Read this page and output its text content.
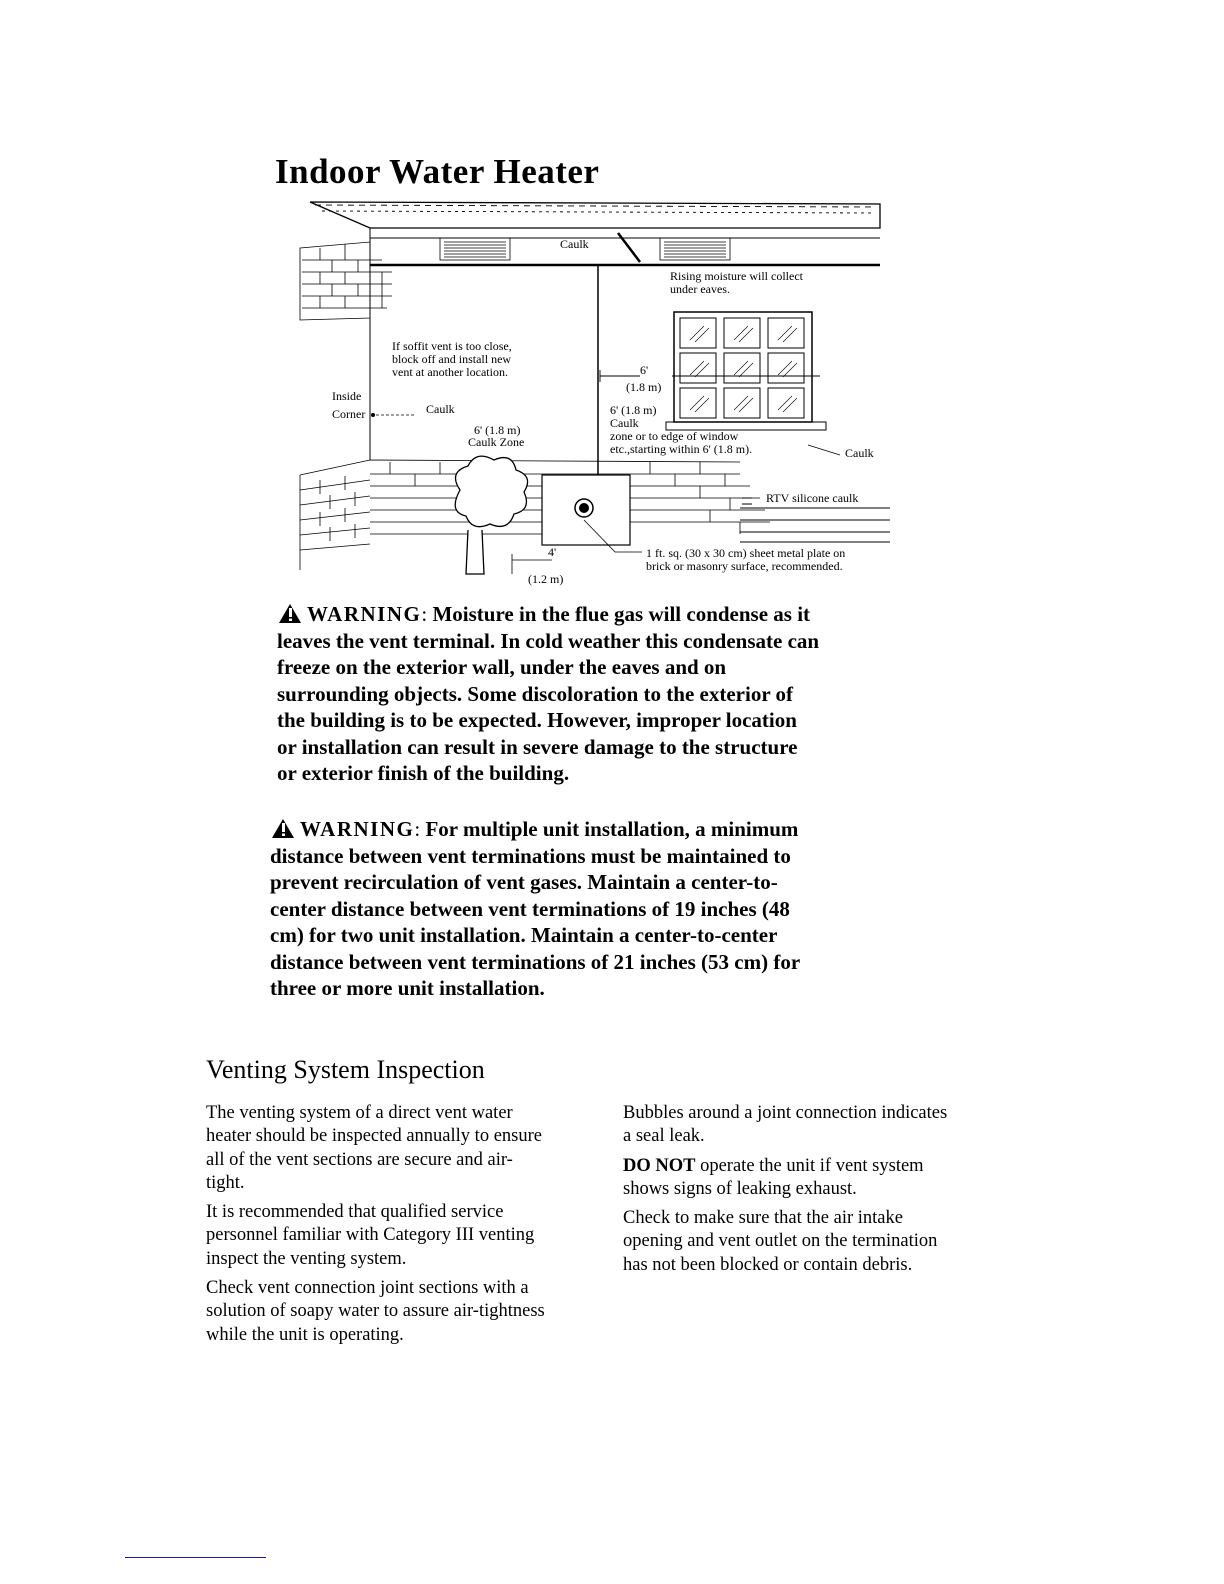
Indoor Water Heater
Caulk
Rising moisture will collect
under eaves.
6'
(1.8 m)
If soffit vent is too close,
block off and install new
vent at another location.
6' (1.8 m)
Caulk
zone or to edge of window
etc.,starting within 6' (1.8 m).	Caulk
Inside
Corner	Caulk
6' (1.8 m)
Caulk Zone
RTV silicone caulk
1 ft. sq. (30 x 30 cm) sheet metal plate on
brick or masonry surface, recommended.
4'
(1.2 m)
WARNING: Moisture in the flue gas will condense as it
leaves the vent terminal. In cold weather this condensate can
freeze on the exterior wall, under the eaves and on
surrounding objects. Some discoloration to the exterior of
the building is to be expected. However, improper location
or installation can result in severe damage to the structure
or exterior finish of the building.
WARNING: For multiple unit installation, a minimum
distance between vent terminations must be maintained to
prevent recirculation of vent gases. Maintain a center-to-
center distance between vent terminations of 19 inches (48
cm) for two unit installation. Maintain a center-to-center
distance between vent terminations of 21 inches (53 cm) for
three or more unit installation.
Venting System Inspection

The venting system of a direct vent water
heater should be inspected annually to ensure
all of the vent sections are secure and air-
tight.

It is recommended that qualified service
personnel familiar with Category III venting
inspect the venting system.

Check vent connection joint sections with a
solution of soapy water to assure air-tightness
while the unit is operating.

Bubbles around a joint connection indicates
a seal leak.

DO NOT operate the unit if vent system
shows signs of leaking exhaust.

Check to make sure that the air intake
opening and vent outlet on the termination
has not been blocked or contain debris.
